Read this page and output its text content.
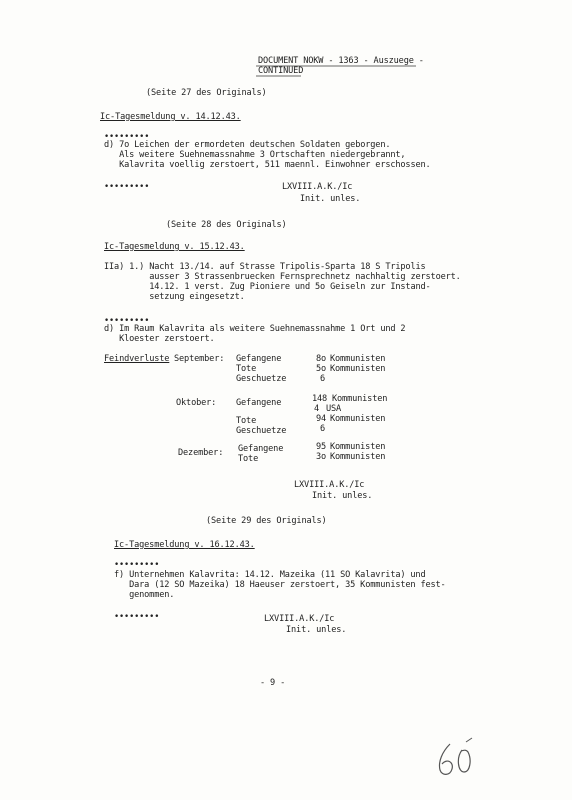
DOCUMENT NOKW - 1363 - Auszuege -
CONTINUED
(Seite 27 des Originals)
Ic-Tagesmeldung v. 14.12.43.
•••••••••
d) 7o Leichen der ermordeten deutschen Soldaten geborgen.
Als weitere Suehnemassnahme 3 Ortschaften niedergebrannt,
Kalavrita voellig zerstoert, 511 maennl. Einwohner erschossen.
•••••••••	LXVIII.A.K./Ic
Init. unles.
(Seite 28 des Originals)
Ic-Tagesmeldung v. 15.12.43.
IIa) 1.) Nacht 13./14. auf Strasse Tripolis-Sparta 18 S Tripolis
ausser 3 Strassenbruecken Fernsprechnetz nachhaltig zerstoert.
14.12. 1 verst. Zug Pioniere und 5o Geiseln zur Instand-
setzung eingesetzt.
•••••••••
d) Im Raum Kalavrita als weitere Suehnemassnahme 1 Ort und 2
Kloester zerstoert.
Feindverluste September: Gefangene	8o Kommunisten
Tote	5o Kommunisten
Geschuetze	6
Oktober: Gefangene	148 Kommunisten
4 USA
Tote	94 Kommunisten
Geschuetze	6
Dezember: Gefangene	95 Kommunisten
Tote	3o Kommunisten
LXVIII.A.K./Ic
Init. unles.
(Seite 29 des Originals)
Ic-Tagesmeldung v. 16.12.43.
•••••••••
f) Unternehmen Kalavrita: 14.12. Mazeika (11 SO Kalavrita) und
Dara (12 SO Mazeika) 18 Haeuser zerstoert, 35 Kommunisten fest-
genommen.
•••••••••	LXVIII.A.K./Ic
Init. unles.
- 9 -
